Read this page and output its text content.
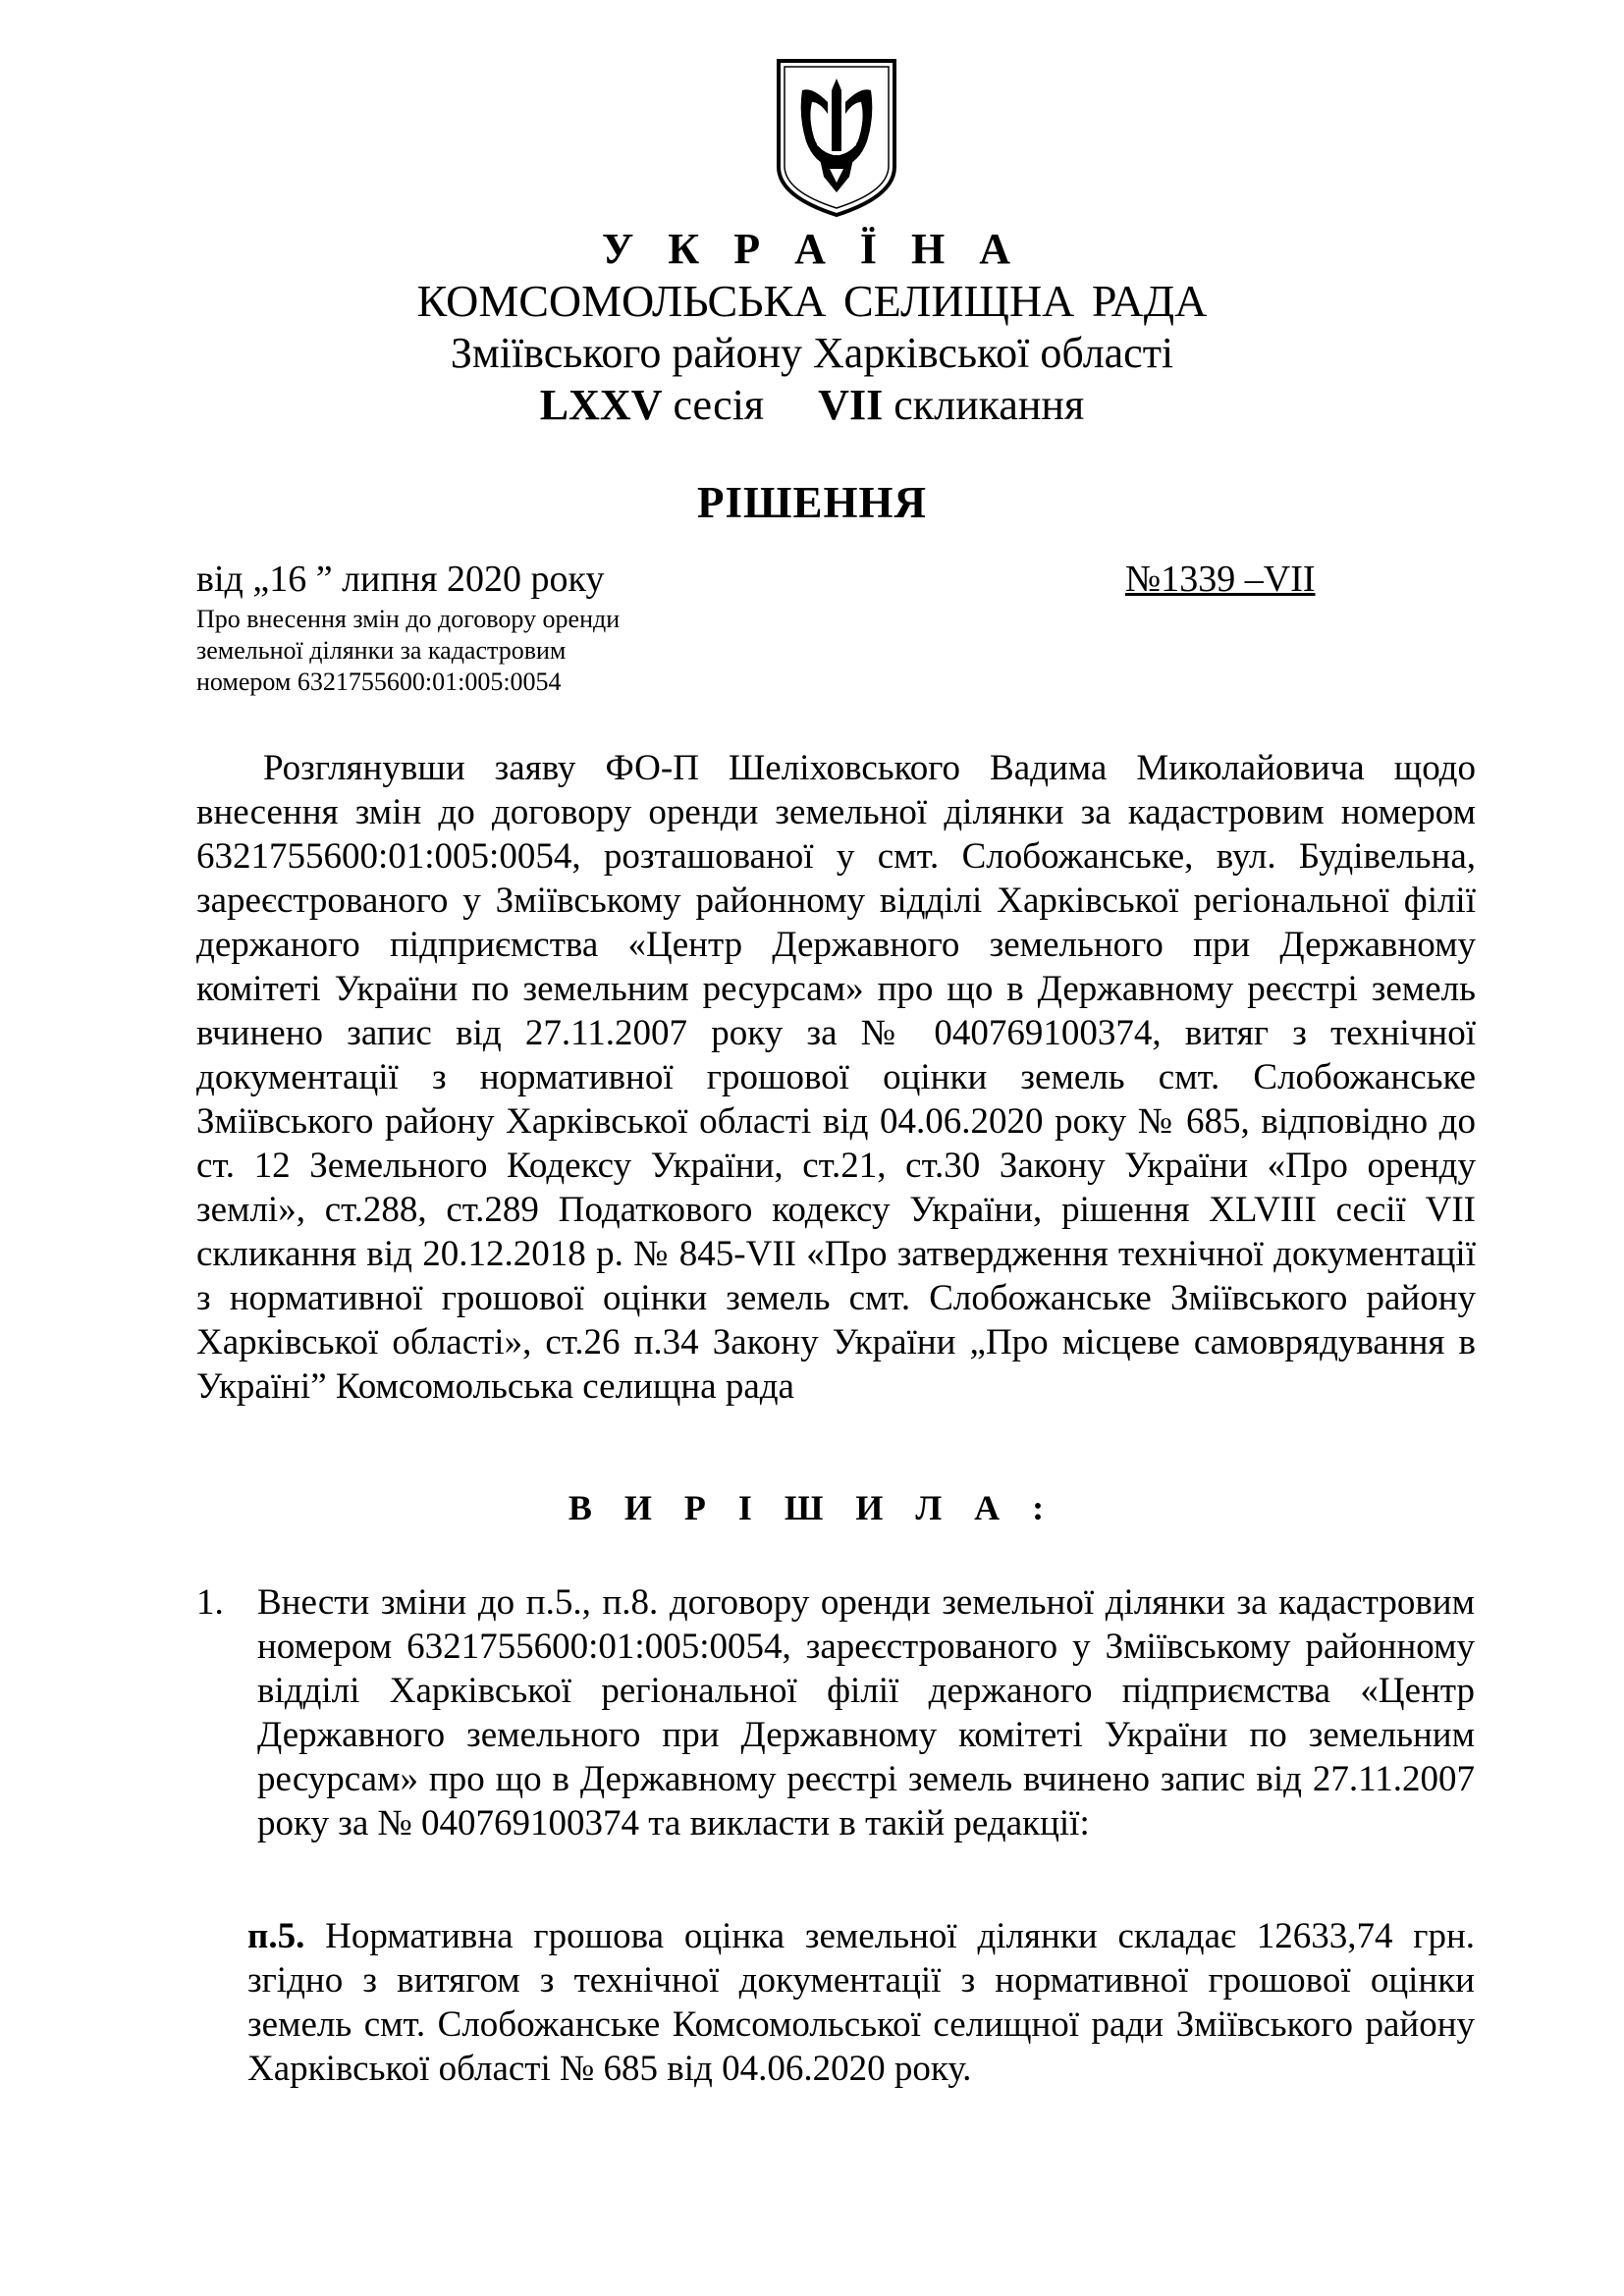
У К Р А Ї Н А
КОМСОМОЛЬСЬКА СЕЛИЩНА РАДА
Зміївського району Харківської області
LXXV сесія VII скликання
РІШЕННЯ
від „16 ” липня 2020 року	№1339 –VII
Про внесення змін до договору оренди
земельної ділянки за кадастровим
номером 6321755600:01:005:0054
Розглянувши заяву ФО-П Шеліховського Вадима Миколайовича щодо внесення змін до договору оренди земельної ділянки за кадастровим номером 6321755600:01:005:0054, розташованої у смт. Слобожанське, вул. Будівельна, зареєстрованого у Зміївському районному відділі Харківської регіональної філії держаного підприємства «Центр Державного земельного при Державному комітеті України по земельним ресурсам» про що в Державному реєстрі земель вчинено запис від 27.11.2007 року за № 040769100374, витяг з технічної документації з нормативної грошової оцінки земель смт. Слобожанське Зміївського району Харківської області від 04.06.2020 року № 685, відповідно до ст. 12 Земельного Кодексу України, ст.21, ст.30 Закону України «Про оренду землі», ст.288, ст.289 Податкового кодексу України, рішення XLVIII сесії VII скликання від 20.12.2018 р. № 845-VII «Про затвердження технічної документації з нормативної грошової оцінки земель смт. Слобожанське Зміївського району Харківської області», ст.26 п.34 Закону України „Про місцеве самоврядування в Україні” Комсомольська селищна рада
В И Р І Ш И Л А :
1. Внести зміни до п.5., п.8. договору оренди земельної ділянки за кадастровим номером 6321755600:01:005:0054, зареєстрованого у Зміївському районному відділі Харківської регіональної філії держаного підприємства «Центр Державного земельного при Державному комітеті України по земельним ресурсам» про що в Державному реєстрі земель вчинено запис від 27.11.2007 року за № 040769100374 та викласти в такій редакції:
п.5. Нормативна грошова оцінка земельної ділянки складає 12633,74 грн. згідно з витягом з технічної документації з нормативної грошової оцінки земель смт. Слобожанське Комсомольської селищної ради Зміївського району Харківської області № 685 від 04.06.2020 року.
